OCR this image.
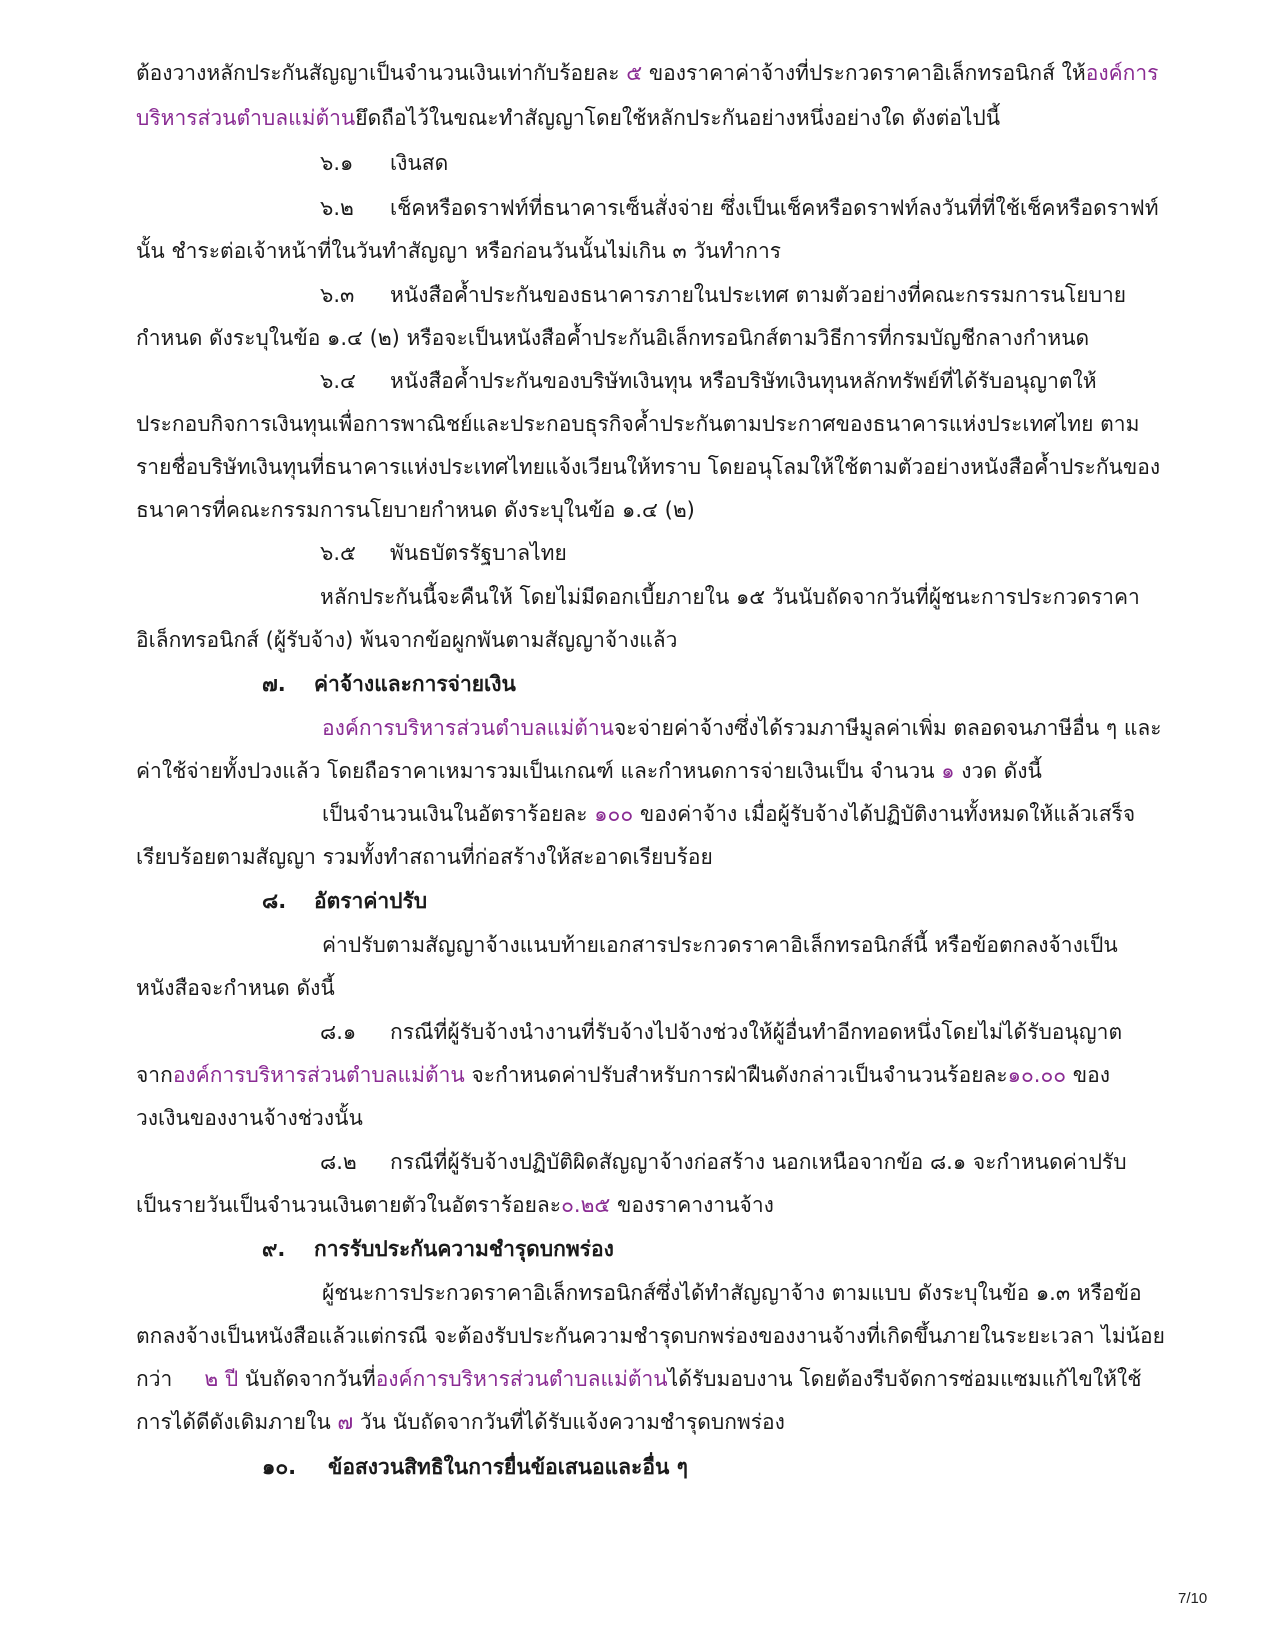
ต้องวางหลักประกันสัญญาเป็นจำนวนเงินเท่ากับร้อยละ ๕ ของราคาค่าจ้างที่ประกวดราคาอิเล็กทรอนิกส์ ให้องค์การ
บริหารส่วนตำบลแม่ต้านยึดถือไว้ในขณะทำสัญญาโดยใช้หลักประกันอย่างหนึ่งอย่างใด ดังต่อไปนี้
๖.๑ เงินสด
๖.๒ เช็คหรือดราฟท์ที่ธนาคารเซ็นสั่งจ่าย ซึ่งเป็นเช็คหรือดราฟท์ลงวันที่ที่ใช้เช็คหรือดราฟท์
นั้น ชำระต่อเจ้าหน้าที่ในวันทำสัญญา หรือก่อนวันนั้นไม่เกิน ๓ วันทำการ
๖.๓ หนังสือค้ำประกันของธนาคารภายในประเทศ ตามตัวอย่างที่คณะกรรมการนโยบาย
กำหนด ดังระบุในข้อ ๑.๔ (๒) หรือจะเป็นหนังสือค้ำประกันอิเล็กทรอนิกส์ตามวิธีการที่กรมบัญชีกลางกำหนด
๖.๔ หนังสือค้ำประกันของบริษัทเงินทุน หรือบริษัทเงินทุนหลักทรัพย์ที่ได้รับอนุญาตให้
ประกอบกิจการเงินทุนเพื่อการพาณิชย์และประกอบธุรกิจค้ำประกันตามประกาศของธนาคารแห่งประเทศไทย ตาม
รายชื่อบริษัทเงินทุนที่ธนาคารแห่งประเทศไทยแจ้งเวียนให้ทราบ โดยอนุโลมให้ใช้ตามตัวอย่างหนังสือค้ำประกันของ
ธนาคารที่คณะกรรมการนโยบายกำหนด ดังระบุในข้อ ๑.๔ (๒)
๖.๕ พันธบัตรรัฐบาลไทย
หลักประกันนี้จะคืนให้ โดยไม่มีดอกเบี้ยภายใน ๑๕ วันนับถัดจากวันที่ผู้ชนะการประกวดราคา
อิเล็กทรอนิกส์ (ผู้รับจ้าง) พ้นจากข้อผูกพันตามสัญญาจ้างแล้ว
๗. ค่าจ้างและการจ่ายเงิน
องค์การบริหารส่วนตำบลแม่ต้านจะจ่ายค่าจ้างซึ่งได้รวมภาษีมูลค่าเพิ่ม ตลอดจนภาษีอื่น ๆ และ
ค่าใช้จ่ายทั้งปวงแล้ว โดยถือราคาเหมารวมเป็นเกณฑ์ และกำหนดการจ่ายเงินเป็น จำนวน ๑ งวด ดังนี้
เป็นจำนวนเงินในอัตราร้อยละ ๑๐๐ ของค่าจ้าง เมื่อผู้รับจ้างได้ปฏิบัติงานทั้งหมดให้แล้วเสร็จ
เรียบร้อยตามสัญญา รวมทั้งทำสถานที่ก่อสร้างให้สะอาดเรียบร้อย
๘. อัตราค่าปรับ
ค่าปรับตามสัญญาจ้างแนบท้ายเอกสารประกวดราคาอิเล็กทรอนิกส์นี้ หรือข้อตกลงจ้างเป็น
หนังสือจะกำหนด ดังนี้
๘.๑ กรณีที่ผู้รับจ้างนำงานที่รับจ้างไปจ้างช่วงให้ผู้อื่นทำอีกทอดหนึ่งโดยไม่ได้รับอนุญาต
จากองค์การบริหารส่วนตำบลแม่ต้าน จะกำหนดค่าปรับสำหรับการฝ่าฝืนดังกล่าวเป็นจำนวนร้อยละ๑๐.๐๐ ของ
วงเงินของงานจ้างช่วงนั้น
๘.๒ กรณีที่ผู้รับจ้างปฏิบัติผิดสัญญาจ้างก่อสร้าง นอกเหนือจากข้อ ๘.๑ จะกำหนดค่าปรับ
เป็นรายวันเป็นจำนวนเงินตายตัวในอัตราร้อยละ๐.๒๕ ของราคางานจ้าง
๙. การรับประกันความชำรุดบกพร่อง
ผู้ชนะการประกวดราคาอิเล็กทรอนิกส์ซึ่งได้ทำสัญญาจ้าง ตามแบบ ดังระบุในข้อ ๑.๓ หรือข้อ
ตกลงจ้างเป็นหนังสือแล้วแต่กรณี จะต้องรับประกันความชำรุดบกพร่องของงานจ้างที่เกิดขึ้นภายในระยะเวลา ไม่น้อย
กว่า ๒ ปี นับถัดจากวันที่องค์การบริหารส่วนตำบลแม่ต้านได้รับมอบงาน โดยต้องรีบจัดการซ่อมแซมแก้ไขให้ใช้
การได้ดีดังเดิมภายใน ๗ วัน นับถัดจากวันที่ได้รับแจ้งความชำรุดบกพร่อง
๑๐. ข้อสงวนสิทธิในการยื่นข้อเสนอและอื่น ๆ
7/10
